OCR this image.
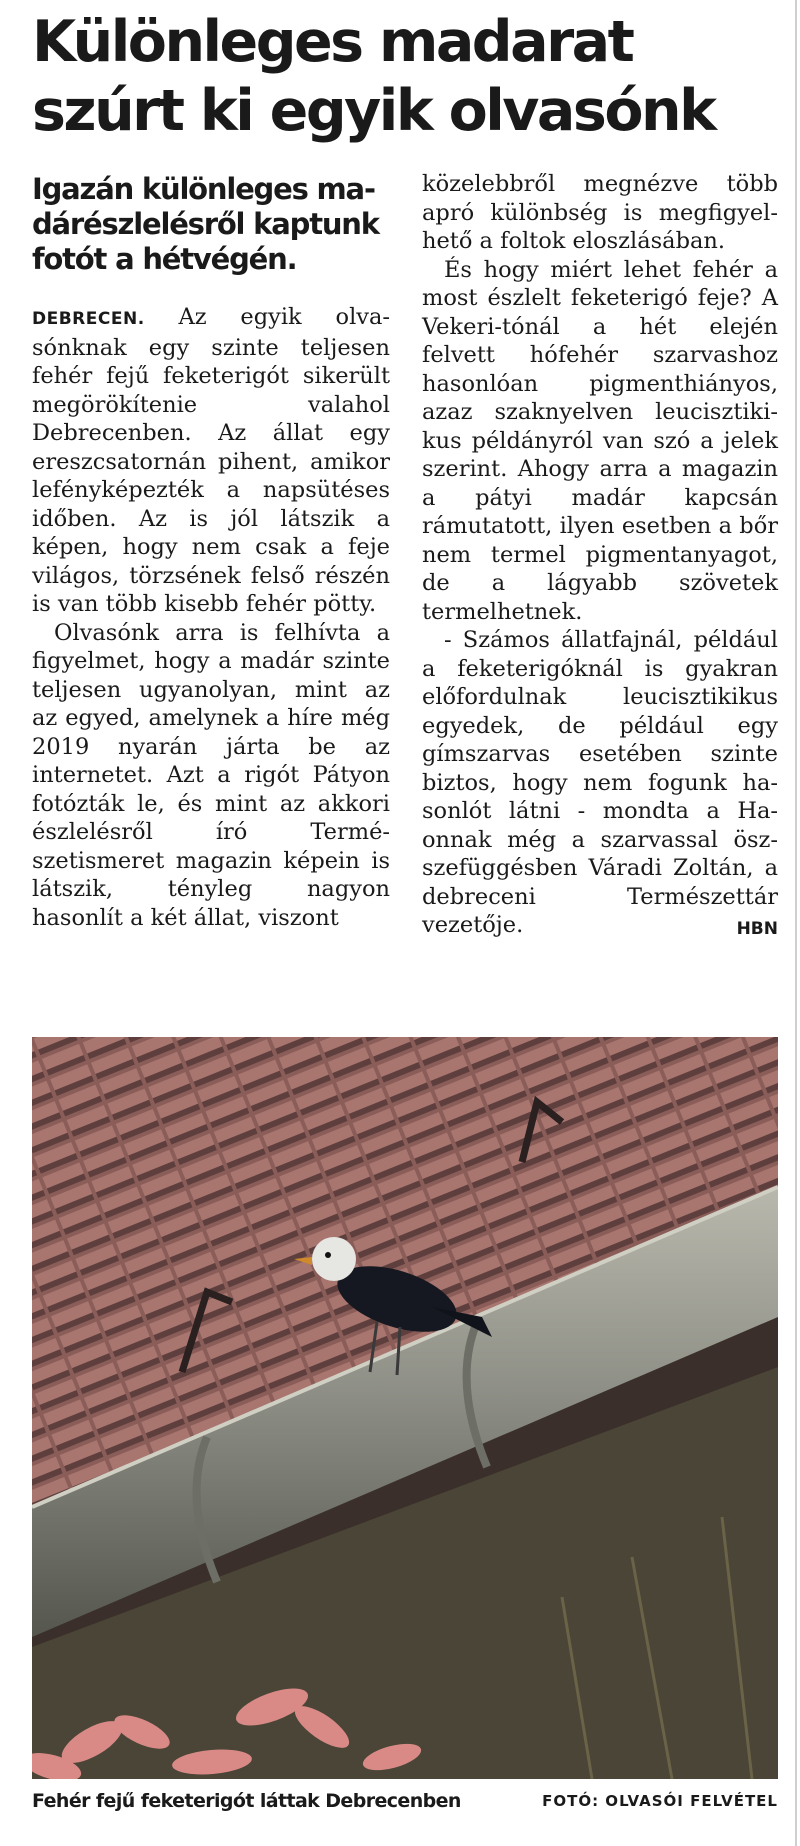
Különleges madarat szúrt ki egyik olvasónk

Igazán különleges madárészlelésről kaptunk fotót a hétvégén.

DEBRECEN. Az egyik olvasónknak egy szinte teljesen fehér fejű feketerigót sikerült megörökítenie valahol Debrecenben. Az állat egy ereszcsatornán pihent, amikor lefényképezték a napsütéses időben. Az is jól látszik a képen, hogy nem csak a feje világos, törzsének felső részén is van több kisebb fehér pötty.

Olvasónk arra is felhívta a figyelmet, hogy a madár szinte teljesen ugyanolyan, mint az az egyed, amelynek a híre még 2019 nyarán járta be az internetet. Azt a rigót Pátyon fotózták le, és mint az akkori észlelésről író Természetismeret magazin képein is látszik, tényleg nagyon hasonlít a két állat, viszont

közelebbről megnézve több apró különbség is megfigyelhető a foltok eloszlásában.

És hogy miért lehet fehér a most észlelt feketerigó feje? A Vekeri-tónál a hét elején felvett hófehér szarvashoz hasonlóan pigmenthiányos, azaz szaknyelven leucisztikikus példányról van szó a jelek szerint. Ahogy arra a magazin a pátyi madár kapcsán rámutatott, ilyen esetben a bőr nem termel pigmentanyagot, de a lágyabb szövetek termelhetnek.

- Számos állatfajnál, például a feketerigóknál is gyakran előfordulnak leucisztikikus egyedek, de például egy gímszarvas esetében szinte biztos, hogy nem fogunk hasonlót látni - mondta a Haonnak még a szarvassal öszszefüggésben Váradi Zoltán, a debreceni Természettár vezetője.	HBN

Fehér fejű feketerigót láttak Debrecenben	FOTÓ: OLVASÓI FELVÉTEL
